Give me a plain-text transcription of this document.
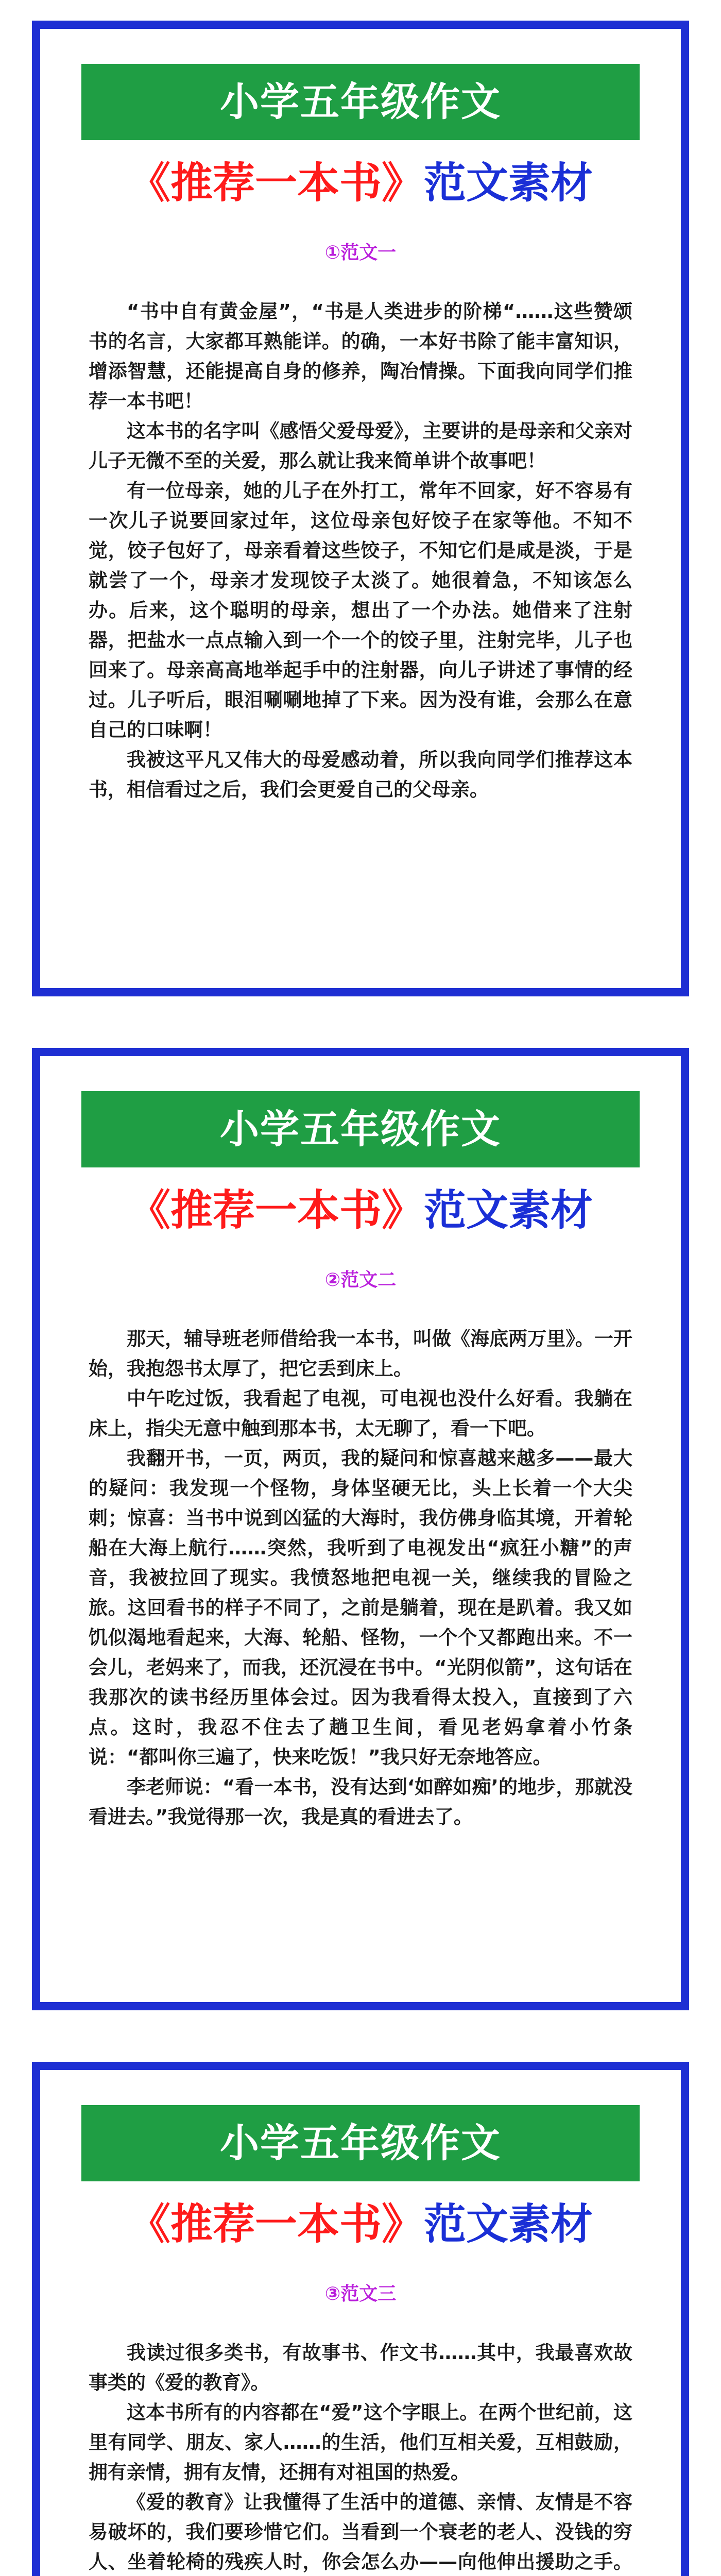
小学五年级作文
《推荐一本书》范文素材
①范文一

“书中自有黄金屋”，“书是人类进步的阶梯“……这些赞颂书的名言，大家都耳熟能详。的确，一本好书除了能丰富知识，增添智慧，还能提高自身的修养，陶冶情操。下面我向同学们推荐一本书吧！

这本书的名字叫《感悟父爱母爱》，主要讲的是母亲和父亲对儿子无微不至的关爱，那么就让我来简单讲个故事吧！

有一位母亲，她的儿子在外打工，常年不回家，好不容易有一次儿子说要回家过年，这位母亲包好饺子在家等他。不知不觉，饺子包好了，母亲看着这些饺子，不知它们是咸是淡，于是就尝了一个，母亲才发现饺子太淡了。她很着急，不知该怎么办。后来，这个聪明的母亲，想出了一个办法。她借来了注射器，把盐水一点点输入到一个一个的饺子里，注射完毕，儿子也回来了。母亲高高地举起手中的注射器，向儿子讲述了事情的经过。儿子听后，眼泪唰唰地掉了下来。因为没有谁，会那么在意自己的口味啊！

我被这平凡又伟大的母爱感动着，所以我向同学们推荐这本书，相信看过之后，我们会更爱自己的父母亲。

小学五年级作文
《推荐一本书》范文素材
②范文二

那天，辅导班老师借给我一本书，叫做《海底两万里》。一开始，我抱怨书太厚了，把它丢到床上。

中午吃过饭，我看起了电视，可电视也没什么好看。我躺在床上，指尖无意中触到那本书，太无聊了，看一下吧。

我翻开书，一页，两页，我的疑问和惊喜越来越多——最大的疑问：我发现一个怪物，身体坚硬无比，头上长着一个大尖刺；惊喜：当书中说到凶猛的大海时，我仿佛身临其境，开着轮船在大海上航行……突然，我听到了电视发出“疯狂小糖”的声音，我被拉回了现实。我愤怒地把电视一关，继续我的冒险之旅。这回看书的样子不同了，之前是躺着，现在是趴着。我又如饥似渴地看起来，大海、轮船、怪物，一个个又都跑出来。不一会儿，老妈来了，而我，还沉浸在书中。“光阴似箭”，这句话在我那次的读书经历里体会过。因为我看得太投入，直接到了六点。这时，我忍不住去了趟卫生间，看见老妈拿着小竹条说：“都叫你三遍了，快来吃饭！”我只好无奈地答应。

李老师说：“看一本书，没有达到‘如醉如痴’的地步，那就没看进去。”我觉得那一次，我是真的看进去了。

小学五年级作文
《推荐一本书》范文素材
③范文三

我读过很多类书，有故事书、作文书……其中，我最喜欢故事类的《爱的教育》。

这本书所有的内容都在“爱”这个字眼上。在两个世纪前，这里有同学、朋友、家人……的生活，他们互相关爱，互相鼓励，拥有亲情，拥有友情，还拥有对祖国的热爱。

《爱的教育》让我懂得了生活中的道德、亲情、友情是不容易破坏的，我们要珍惜它们。当看到一个衰老的老人、没钱的穷人、坐着轮椅的残疾人时，你会怎么办——向他伸出援助之手。
